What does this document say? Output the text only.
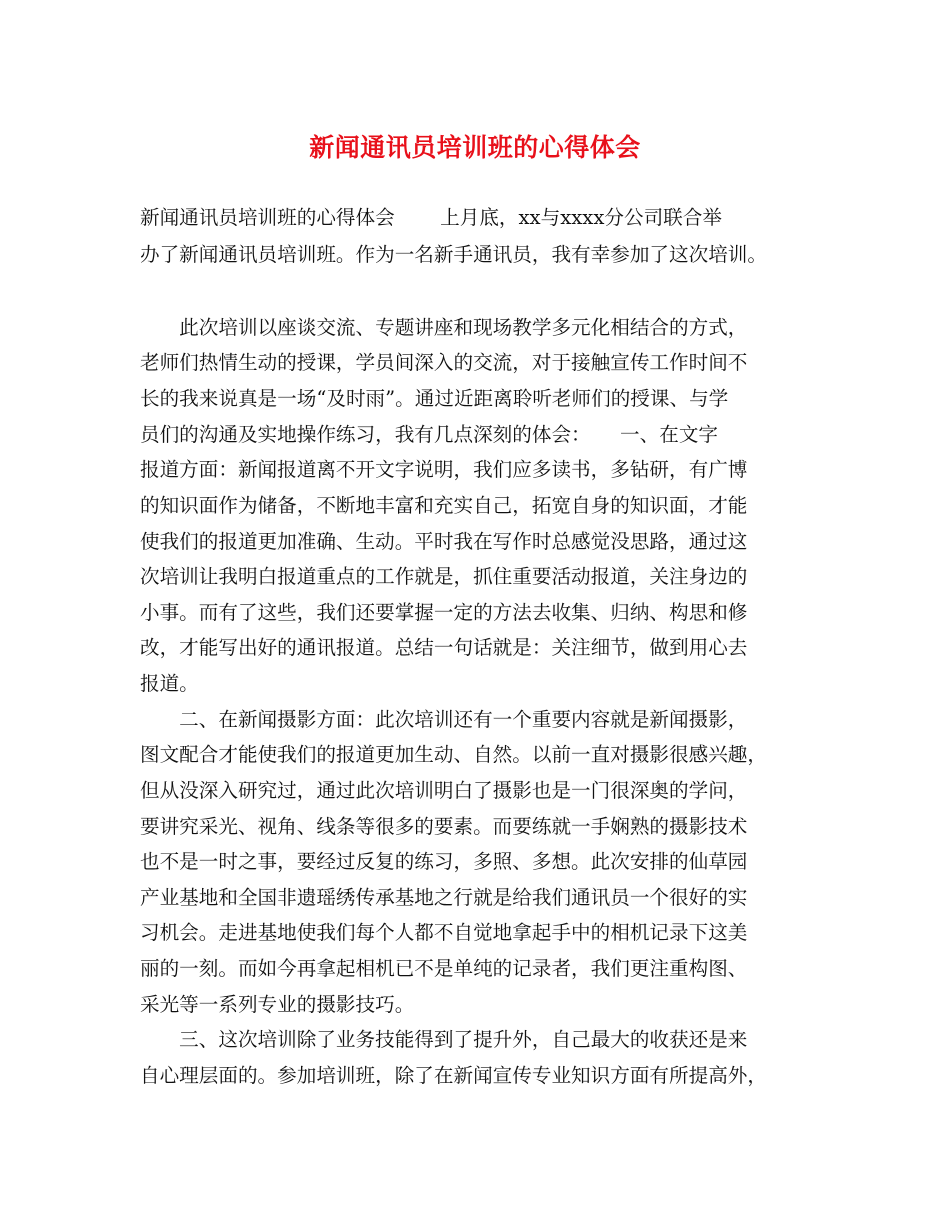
新闻通讯员培训班的心得体会
新闻通讯员培训班的心得体会　　 上月底，xx与xxxx分公司联合举
办了新闻通讯员培训班。作为一名新手通讯员，我有幸参加了这次培训。
　　此次培训以座谈交流、专题讲座和现场教学多元化相结合的方式，
老师们热情生动的授课，学员间深入的交流，对于接触宣传工作时间不
长的我来说真是一场“及时雨”。通过近距离聆听老师们的授课、与学
员们的沟通及实地操作练习，我有几点深刻的体会：　　一、在文字
报道方面：新闻报道离不开文字说明，我们应多读书，多钻研，有广博
的知识面作为储备，不断地丰富和充实自己，拓宽自身的知识面，才能
使我们的报道更加准确、生动。平时我在写作时总感觉没思路，通过这
次培训让我明白报道重点的工作就是，抓住重要活动报道，关注身边的
小事。而有了这些，我们还要掌握一定的方法去收集、归纳、构思和修
改，才能写出好的通讯报道。总结一句话就是：关注细节，做到用心去
报道。
　　二、在新闻摄影方面：此次培训还有一个重要内容就是新闻摄影，
图文配合才能使我们的报道更加生动、自然。以前一直对摄影很感兴趣，
但从没深入研究过，通过此次培训明白了摄影也是一门很深奥的学问，
要讲究采光、视角、线条等很多的要素。而要练就一手娴熟的摄影技术
也不是一时之事，要经过反复的练习，多照、多想。此次安排的仙草园
产业基地和全国非遗瑶绣传承基地之行就是给我们通讯员一个很好的实
习机会。走进基地使我们每个人都不自觉地拿起手中的相机记录下这美
丽的一刻。而如今再拿起相机已不是单纯的记录者，我们更注重构图、
采光等一系列专业的摄影技巧。
　　三、这次培训除了业务技能得到了提升外，自己最大的收获还是来
自心理层面的。参加培训班，除了在新闻宣传专业知识方面有所提高外，
